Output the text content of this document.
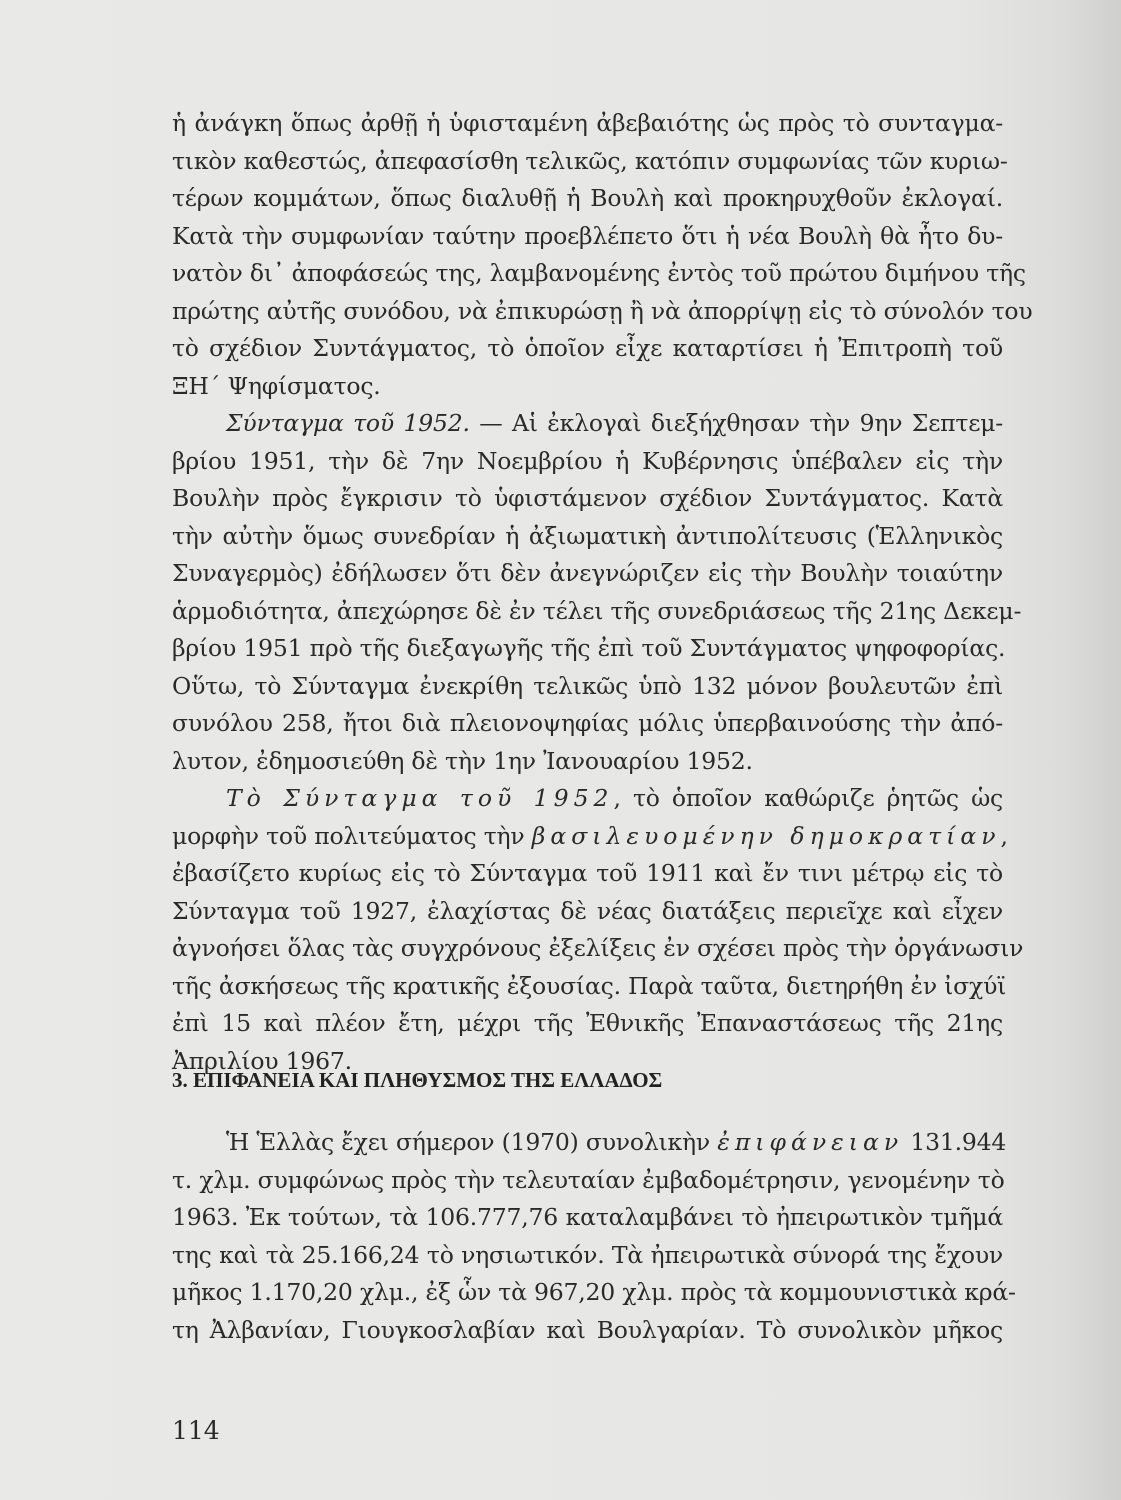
ἡ ἀνάγκη ὅπως ἀρθῇ ἡ ὑφισταμένη ἀβεβαιότης ὡς πρὸς τὸ συνταγμα-
τικὸν καθεστώς, ἀπεφασίσθη τελικῶς, κατόπιν συμφωνίας τῶν κυριω-
τέρων κομμάτων, ὅπως διαλυθῇ ἡ Βουλὴ καὶ προκηρυχθοῦν ἐκλογαί.
Κατὰ τὴν συμφωνίαν ταύτην προεβλέπετο ὅτι ἡ νέα Βουλὴ θὰ ἦτο δυ-
νατὸν δι᾽ ἀποφάσεώς της, λαμβανομένης ἐντὸς τοῦ πρώτου διμήνου τῆς
πρώτης αὐτῆς συνόδου, νὰ ἐπικυρώσῃ ἢ νὰ ἀπορρίψῃ εἰς τὸ σύνολόν του
τὸ σχέδιον Συντάγματος, τὸ ὁποῖον εἶχε καταρτίσει ἡ Ἐπιτροπὴ τοῦ
ΞΗ΄ Ψηφίσματος.
Σύνταγμα τοῦ 1952. — Αἱ ἐκλογαὶ διεξήχθησαν τὴν 9ην Σεπτεμ-
βρίου 1951, τὴν δὲ 7ην Νοεμβρίου ἡ Κυβέρνησις ὑπέβαλεν εἰς τὴν
Βουλὴν πρὸς ἔγκρισιν τὸ ὑφιστάμενον σχέδιον Συντάγματος. Κατὰ
τὴν αὐτὴν ὅμως συνεδρίαν ἡ ἀξιωματικὴ ἀντιπολίτευσις (Ἑλληνικὸς
Συναγερμὸς) ἐδήλωσεν ὅτι δὲν ἀνεγνώριζεν εἰς τὴν Βουλὴν τοιαύτην
ἁρμοδιότητα, ἀπεχώρησε δὲ ἐν τέλει τῆς συνεδριάσεως τῆς 21ης Δεκεμ-
βρίου 1951 πρὸ τῆς διεξαγωγῆς τῆς ἐπὶ τοῦ Συντάγματος ψηφοφορίας.
Οὕτω, τὸ Σύνταγμα ἐνεκρίθη τελικῶς ὑπὸ 132 μόνον βουλευτῶν ἐπὶ
συνόλου 258, ἤτοι διὰ πλειονοψηφίας μόλις ὑπερβαινούσης τὴν ἀπό-
λυτον, ἐδημοσιεύθη δὲ τὴν 1ην Ἰανουαρίου 1952.
Τὸ Σύνταγμα τοῦ 1952, τὸ ὁποῖον καθώριζε ῥητῶς ὡς
μορφὴν τοῦ πολιτεύματος τὴν βασιλευομένην δημοκρατίαν,
ἐβασίζετο κυρίως εἰς τὸ Σύνταγμα τοῦ 1911 καὶ ἔν τινι μέτρῳ εἰς τὸ
Σύνταγμα τοῦ 1927, ἐλαχίστας δὲ νέας διατάξεις περιεῖχε καὶ εἶχεν
ἀγνοήσει ὅλας τὰς συγχρόνους ἐξελίξεις ἐν σχέσει πρὸς τὴν ὀργάνωσιν
τῆς ἀσκήσεως τῆς κρατικῆς ἐξουσίας. Παρὰ ταῦτα, διετηρήθη ἐν ἰσχύϊ
ἐπὶ 15 καὶ πλέον ἔτη, μέχρι τῆς Ἐθνικῆς Ἐπαναστάσεως τῆς 21ης
Ἀπριλίου 1967.
3. ΕΠΙΦΑΝΕΙΑ ΚΑΙ ΠΛΗΘΥΣΜΟΣ ΤΗΣ ΕΛΛΑΔΟΣ
Ἡ Ἑλλὰς ἔχει σήμερον (1970) συνολικὴν ἐπιφάνειαν 131.944
τ. χλμ. συμφώνως πρὸς τὴν τελευταίαν ἐμβαδομέτρησιν, γενομένην τὸ
1963. Ἐκ τούτων, τὰ 106.777,76 καταλαμβάνει τὸ ἠπειρωτικὸν τμῆμά
της καὶ τὰ 25.166,24 τὸ νησιωτικόν. Τὰ ἠπειρωτικὰ σύνορά της ἔχουν
μῆκος 1.170,20 χλμ., ἐξ ὧν τὰ 967,20 χλμ. πρὸς τὰ κομμουνιστικὰ κρά-
τη Ἀλβανίαν, Γιουγκοσλαβίαν καὶ Βουλγαρίαν. Τὸ συνολικὸν μῆκος
114
